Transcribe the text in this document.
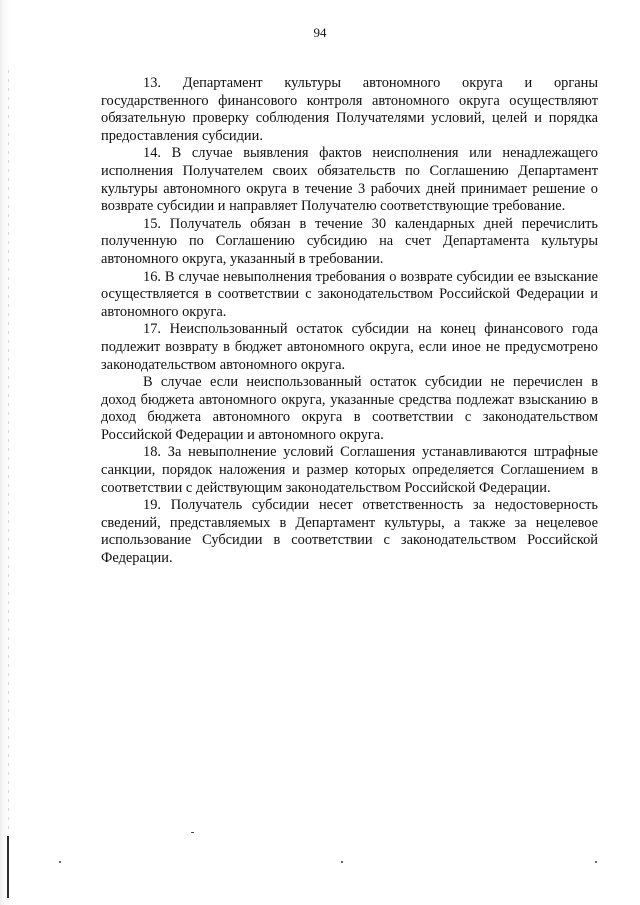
94

13. Департамент культуры автономного округа и органы государственного финансового контроля автономного округа осуществляют обязательную проверку соблюдения Получателями условий, целей и порядка предоставления субсидии.

14. В случае выявления фактов неисполнения или ненадлежащего исполнения Получателем своих обязательств по Соглашению Департамент культуры автономного округа в течение 3 рабочих дней принимает решение о возврате субсидии и направляет Получателю соответствующие требование.

15. Получатель обязан в течение 30 календарных дней перечислить полученную по Соглашению субсидию на счет Департамента культуры автономного округа, указанный в требовании.

16. В случае невыполнения требования о возврате субсидии ее взыскание осуществляется в соответствии с законодательством Российской Федерации и автономного округа.

17. Неиспользованный остаток субсидии на конец финансового года подлежит возврату в бюджет автономного округа, если иное не предусмотрено законодательством автономного округа.

В случае если неиспользованный остаток субсидии не перечислен в доход бюджета автономного округа, указанные средства подлежат взысканию в доход бюджета автономного округа в соответствии с законодательством Российской Федерации и автономного округа.

18. За невыполнение условий Соглашения устанавливаются штрафные санкции, порядок наложения и размер которых определяется Соглашением в соответствии с действующим законодательством Российской Федерации.

19. Получатель субсидии несет ответственность за недостоверность сведений, представляемых в Департамент культуры, а также за нецелевое использование Субсидии в соответствии с законодательством Российской Федерации.
